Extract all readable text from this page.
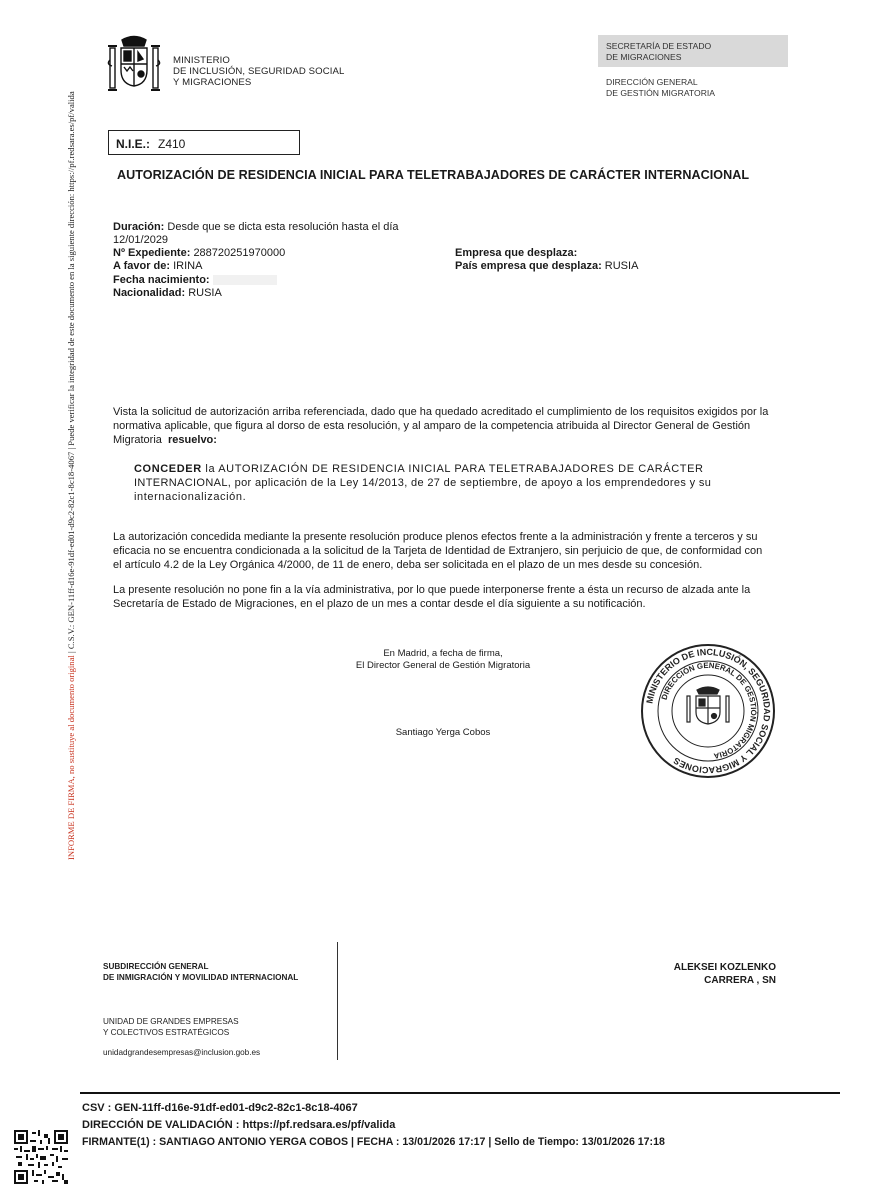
INFORME DE FIRMA, no sustituye al documento original | C.S.V.: GEN-11ff-d16e-91df-ed01-d9c2-82c1-8c18-4067 | Puede verificar la integridad de este documento en la siguiente dirección: https://pf.redsara.es/pf/valida
MINISTERIO
DE INCLUSIÓN, SEGURIDAD SOCIAL
Y MIGRACIONES
SECRETARÍA DE ESTADO
DE MIGRACIONES
DIRECCIÓN GENERAL
DE GESTIÓN MIGRATORIA
N.I.E.: Z410
AUTORIZACIÓN DE RESIDENCIA INICIAL PARA TELETRABAJADORES DE CARÁCTER INTERNACIONAL
Duración: Desde que se dicta esta resolución hasta el día
12/01/2029
Nº Expediente: 288720251970000
A favor de: IRINA
Fecha nacimiento:
Nacionalidad: RUSIA
Empresa que desplaza:
País empresa que desplaza: RUSIA
Vista la solicitud de autorización arriba referenciada, dado que ha quedado acreditado el cumplimiento de los requisitos exigidos por la
normativa aplicable, que figura al dorso de esta resolución, y al amparo de la competencia atribuida al Director General de Gestión
Migratoria resuelvo:
CONCEDER la AUTORIZACIÓN DE RESIDENCIA INICIAL PARA TELETRABAJADORES DE CARÁCTER
INTERNACIONAL, por aplicación de la Ley 14/2013, de 27 de septiembre, de apoyo a los emprendedores y su
internacionalización.
La autorización concedida mediante la presente resolución produce plenos efectos frente a la administración y frente a terceros y su
eficacia no se encuentra condicionada a la solicitud de la Tarjeta de Identidad de Extranjero, sin perjuicio de que, de conformidad con
el artículo 4.2 de la Ley Orgánica 4/2000, de 11 de enero, deba ser solicitada en el plazo de un mes desde su concesión.
La presente resolución no pone fin a la vía administrativa, por lo que puede interponerse frente a ésta un recurso de alzada ante la
Secretaría de Estado de Migraciones, en el plazo de un mes a contar desde el día siguiente a su notificación.
En Madrid, a fecha de firma,
El Director General de Gestión Migratoria
Santiago Yerga Cobos
MINISTERIO DE INCLUSIÓN, SEGURIDAD SOCIAL Y MIGRACIONES
DIRECCIÓN GENERAL DE GESTIÓN MIGRATORIA
SUBDIRECCIÓN GENERAL
DE INMIGRACIÓN Y MOVILIDAD INTERNACIONAL
UNIDAD DE GRANDES EMPRESAS
Y COLECTIVOS ESTRATÉGICOS
unidadgrandesempresas@inclusion.gob.es
ALEKSEI KOZLENKO
CARRERA , SN
CSV : GEN-11ff-d16e-91df-ed01-d9c2-82c1-8c18-4067
DIRECCIÓN DE VALIDACIÓN : https://pf.redsara.es/pf/valida
FIRMANTE(1) : SANTIAGO ANTONIO YERGA COBOS | FECHA : 13/01/2026 17:17 | Sello de Tiempo: 13/01/2026 17:18
